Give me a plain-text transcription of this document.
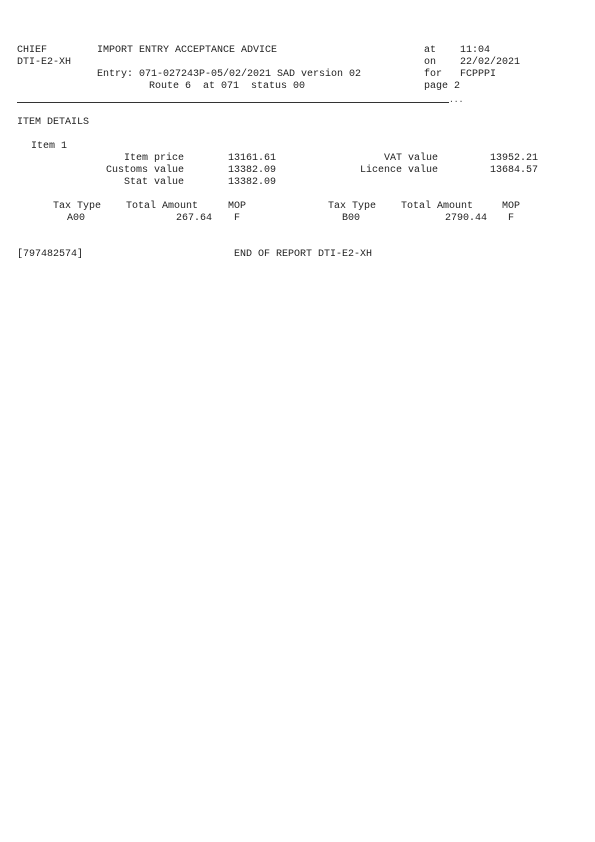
CHIEF
DTI-E2-XH
IMPORT ENTRY ACCEPTANCE ADVICE
Entry: 071-027243P-05/02/2021 SAD version 02
Route 6  at 071  status 00
at 11:04
on 22/02/2021
for FCPPPI
page 2
...
ITEM DETAILS
Item 1
Item price	13161.61
Customs value	13382.09
Stat value	13382.09
VAT value	13952.21
Licence value	13684.57
Tax Type Total Amount	MOP
A00	267.64 F
Tax Type Total Amount	MOP
B00	2790.44 F
[797482574]	END OF REPORT DTI-E2-XH
